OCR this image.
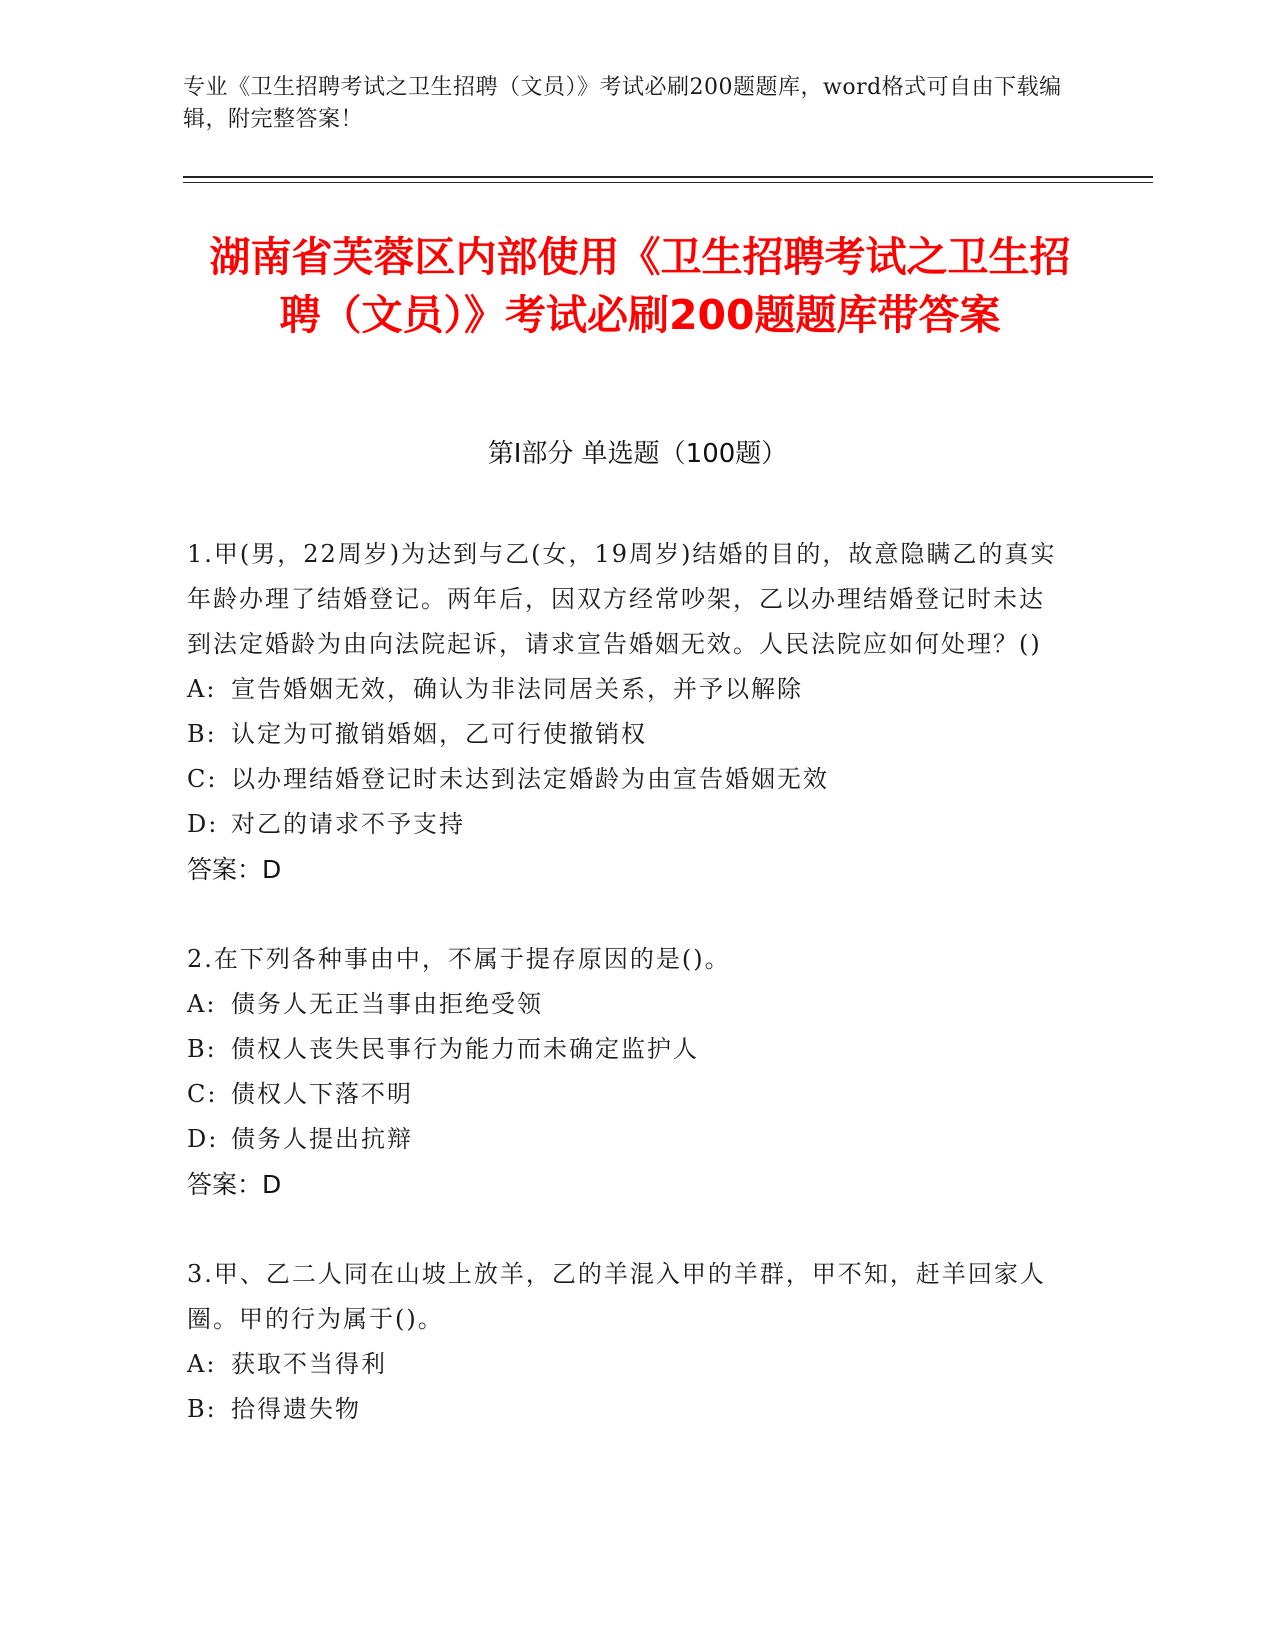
专业《卫生招聘考试之卫生招聘（文员）》考试必刷200题题库，word格式可自由下载编辑，附完整答案！
湖南省芙蓉区内部使用《卫生招聘考试之卫生招聘（文员）》考试必刷200题题库带答案
第Ⅰ部分 单选题（100题）
1.甲(男，22周岁)为达到与乙(女，19周岁)结婚的目的，故意隐瞒乙的真实年龄办理了结婚登记。两年后，因双方经常吵架，乙以办理结婚登记时未达到法定婚龄为由向法院起诉，请求宣告婚姻无效。人民法院应如何处理？()
A: 宣告婚姻无效，确认为非法同居关系，并予以解除
B: 认定为可撤销婚姻，乙可行使撤销权
C: 以办理结婚登记时未达到法定婚龄为由宣告婚姻无效
D: 对乙的请求不予支持
答案：D
2.在下列各种事由中，不属于提存原因的是()。
A: 债务人无正当事由拒绝受领
B: 债权人丧失民事行为能力而未确定监护人
C: 债权人下落不明
D: 债务人提出抗辩
答案：D
3.甲、乙二人同在山坡上放羊，乙的羊混入甲的羊群，甲不知，赶羊回家人圈。甲的行为属于()。
A: 获取不当得利
B: 拾得遗失物
